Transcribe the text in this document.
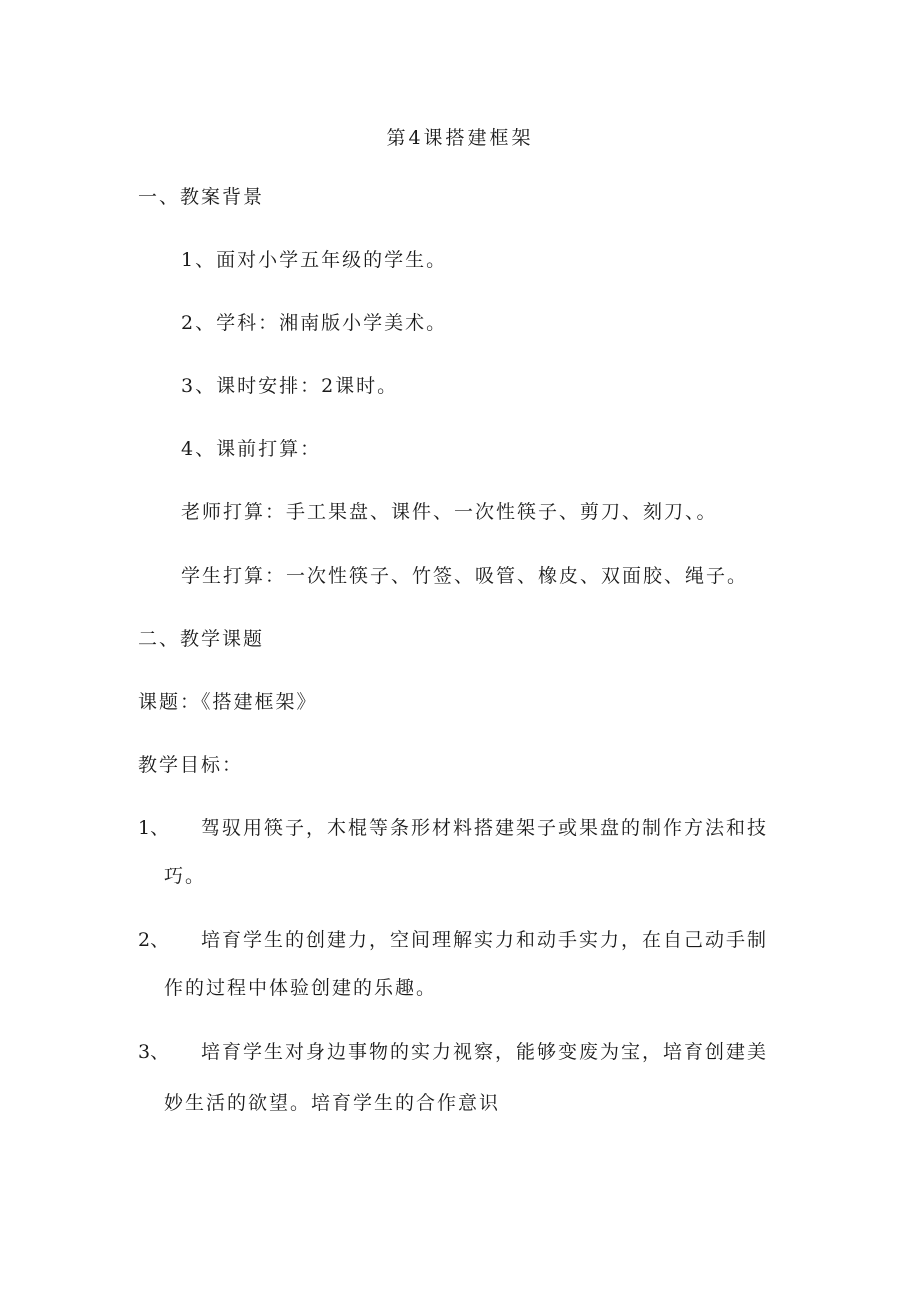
第4课搭建框架
一、教案背景
1、面对小学五年级的学生。
2、学科：湘南版小学美术。
3、课时安排：2课时。
4、课前打算：
老师打算：手工果盘、课件、一次性筷子、剪刀、刻刀、。
学生打算：一次性筷子、竹签、吸管、橡皮、双面胶、绳子。
二、教学课题
课题：《搭建框架》
教学目标：
1、 驾驭用筷子，木棍等条形材料搭建架子或果盘的制作方法和技
巧。
2、 培育学生的创建力，空间理解实力和动手实力，在自己动手制
作的过程中体验创建的乐趣。
3、 培育学生对身边事物的实力视察，能够变废为宝，培育创建美
妙生活的欲望。培育学生的合作意识
